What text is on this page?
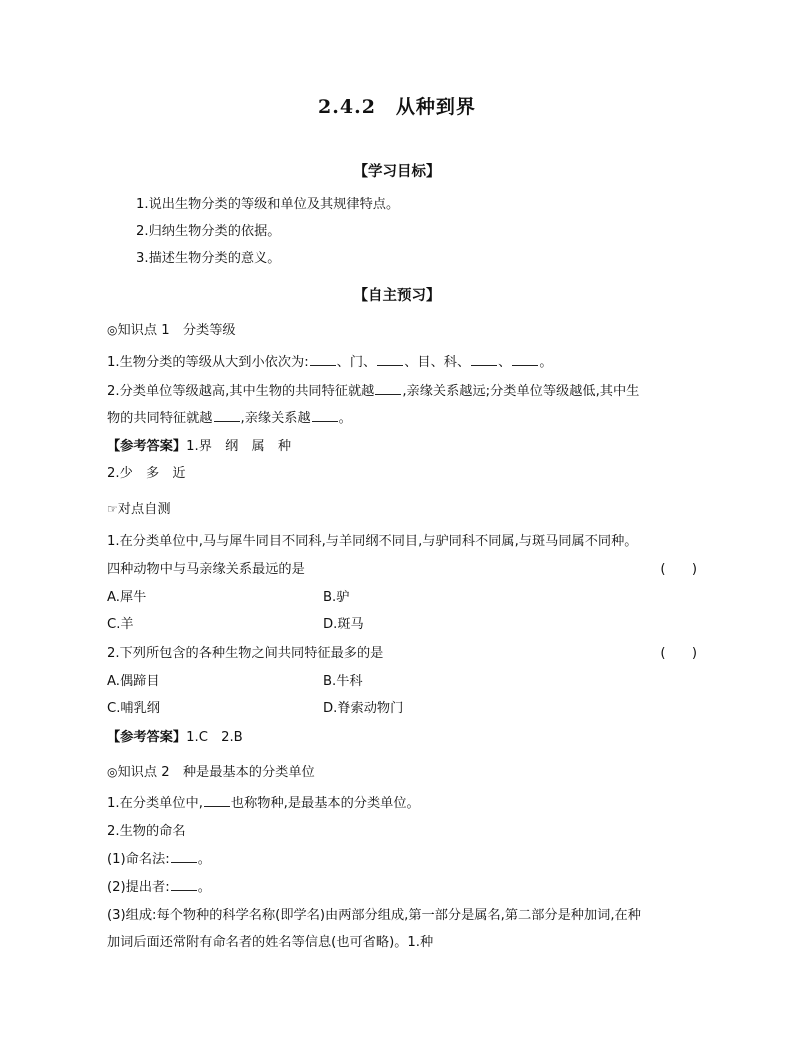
2.4.2　从种到界
【学习目标】
1.说出生物分类的等级和单位及其规律特点。
2.归纳生物分类的依据。
3.描述生物分类的意义。
【自主预习】
◎知识点 1　分类等级
1.生物分类的等级从大到小依次为: 、门、 、目、科、 、 。
2.分类单位等级越高,其中生物的共同特征就越 ,亲缘关系越远;分类单位等级越低,其中生
物的共同特征就越 ,亲缘关系越 。
【参考答案】1.界　纲　属　种
2.少　多　近
☞对点自测
1.在分类单位中,马与犀牛同目不同科,与羊同纲不同目,与驴同科不同属,与斑马同属不同种。
四种动物中与马亲缘关系最远的是	(　　)
A.犀牛	B.驴
C.羊	D.斑马
2.下列所包含的各种生物之间共同特征最多的是	(　　)
A.偶蹄目	B.牛科
C.哺乳纲	D.脊索动物门
【参考答案】1.C　2.B
◎知识点 2　种是最基本的分类单位
1.在分类单位中, 也称物种,是最基本的分类单位。
2.生物的命名
(1)命名法: 。
(2)提出者: 。
(3)组成:每个物种的科学名称(即学名)由两部分组成,第一部分是属名,第二部分是种加词,在种
加词后面还常附有命名者的姓名等信息(也可省略)。1.种
